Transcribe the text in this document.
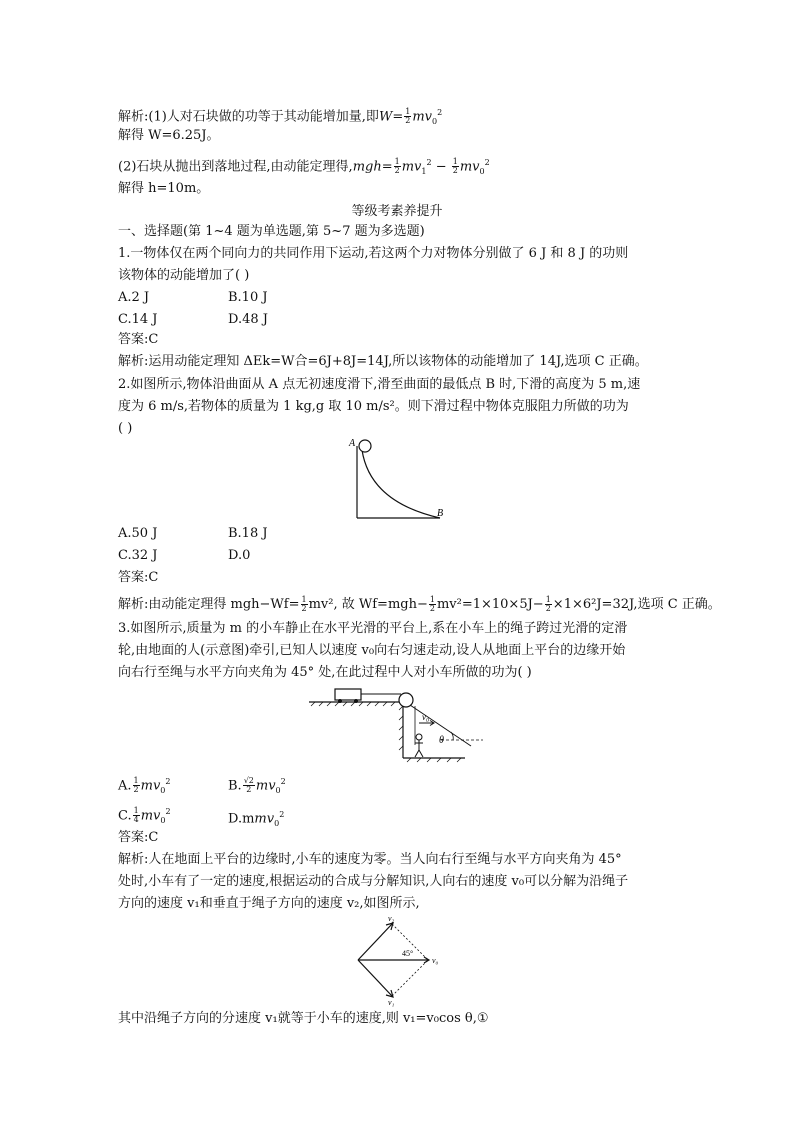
解析:(1)人对石块做的功等于其动能增加量,即$W= \frac{1}{2} mv_0^2$
解得 W=6.25J。
(2)石块从抛出到落地过程,由动能定理得$,mgh= \frac{1}{2} mv_1^2 - \frac{1}{2} mv_0^2$
解得 h=10m。
等级考素养提升
一、选择题(第 1~4 题为单选题,第 5~7 题为多选题)
1.一物体仅在两个同向力的共同作用下运动,若这两个力对物体分别做了 6 J 和 8 J 的功则
该物体的动能增加了( )
A.2 J	B.10 J
C.14 J	D.48 J
答案:C
解析:运用动能定理知 ΔEk=W合=6J+8J=14J,所以该物体的动能增加了 14J,选项 C 正确。
2.如图所示,物体沿曲面从 A 点无初速度滑下,滑至曲面的最低点 B 时,下滑的高度为 5 m,速
度为 6 m/s,若物体的质量为 1 kg,g 取 10 m/s²。则下滑过程中物体克服阻力所做的功为
( )
A
B
A.50 J	B.18 J
C.32 J	D.0
答案:C
解析:由动能定理得 $mgh-Wf= \frac{1}{2} mv^2$, 故 $Wf=mgh- \frac{1}{2} mv^2=1\times 10\times 5J- \frac{1}{2} \times 1\times 6^2J=32J$,选项 C 正确。
3.如图所示,质量为 m 的小车静止在水平光滑的平台上,系在小车上的绳子跨过光滑的定滑
轮,由地面的人(示意图)牵引,已知人以速度 v₀向右匀速走动,设人从地面上平台的边缘开始
向右行至绳与水平方向夹角为 45° 处,在此过程中人对小车所做的功为( )
v₀
θ
A. $\frac{1}{2} mv_0^2$	B. $\frac{√2}{2} mv_0^2$
C. $\frac{1}{4} mv_0^2$	D.mmv$_0^2$
答案:C
解析:人在地面上平台的边缘时,小车的速度为零。当人向右行至绳与水平方向夹角为 45°
处时,小车有了一定的速度,根据运动的合成与分解知识,人向右的速度 v₀可以分解为沿绳子
方向的速度 v₁和垂直于绳子方向的速度 v₂,如图所示,
45°
v₂
v₀
v₁
其中沿绳子方向的分速度 v₁就等于小车的速度,则 v₁=v₀cos θ,①
